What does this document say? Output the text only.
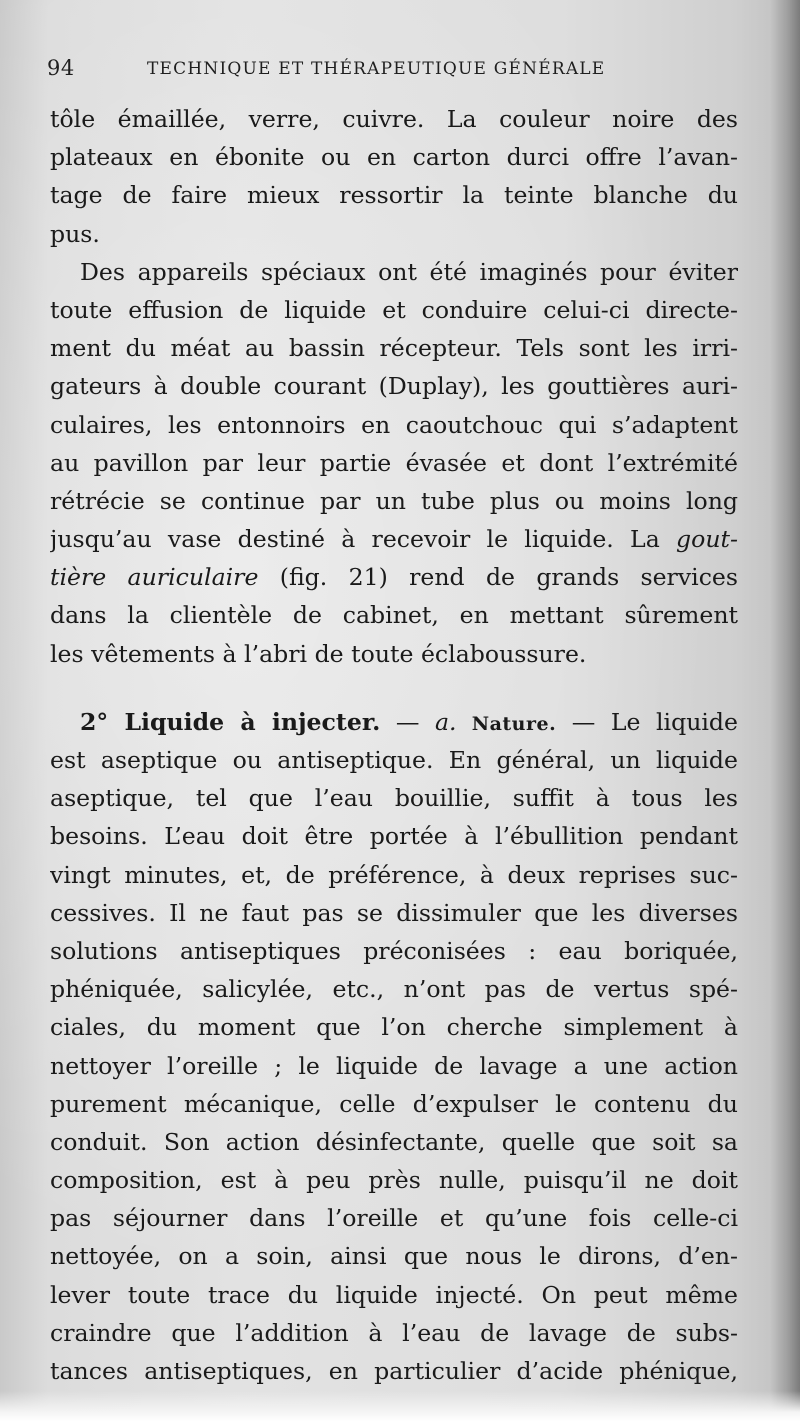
94	TECHNIQUE ET THÉRAPEUTIQUE GÉNÉRALE
tôle émaillée, verre, cuivre. La couleur noire des
plateaux en ébonite ou en carton durci offre l’avan-
tage de faire mieux ressortir la teinte blanche du
pus.
Des appareils spéciaux ont été imaginés pour éviter
toute effusion de liquide et conduire celui-ci directe-
ment du méat au bassin récepteur. Tels sont les irri-
gateurs à double courant (Duplay), les gouttières auri-
culaires, les entonnoirs en caoutchouc qui s’adaptent
au pavillon par leur partie évasée et dont l’extrémité
rétrécie se continue par un tube plus ou moins long
jusqu’au vase destiné à recevoir le liquide. La gout-
tière auriculaire (fig. 21) rend de grands services
dans la clientèle de cabinet, en mettant sûrement
les vêtements à l’abri de toute éclaboussure.
2° Liquide à injecter. — a. Nature. — Le liquide
est aseptique ou antiseptique. En général, un liquide
aseptique, tel que l’eau bouillie, suffit à tous les
besoins. L’eau doit être portée à l’ébullition pendant
vingt minutes, et, de préférence, à deux reprises suc-
cessives. Il ne faut pas se dissimuler que les diverses
solutions antiseptiques préconisées : eau boriquée,
phéniquée, salicylée, etc., n’ont pas de vertus spé-
ciales, du moment que l’on cherche simplement à
nettoyer l’oreille ; le liquide de lavage a une action
purement mécanique, celle d’expulser le contenu du
conduit. Son action désinfectante, quelle que soit sa
composition, est à peu près nulle, puisqu’il ne doit
pas séjourner dans l’oreille et qu’une fois celle-ci
nettoyée, on a soin, ainsi que nous le dirons, d’en-
lever toute trace du liquide injecté. On peut même
craindre que l’addition à l’eau de lavage de subs-
tances antiseptiques, en particulier d’acide phénique,
